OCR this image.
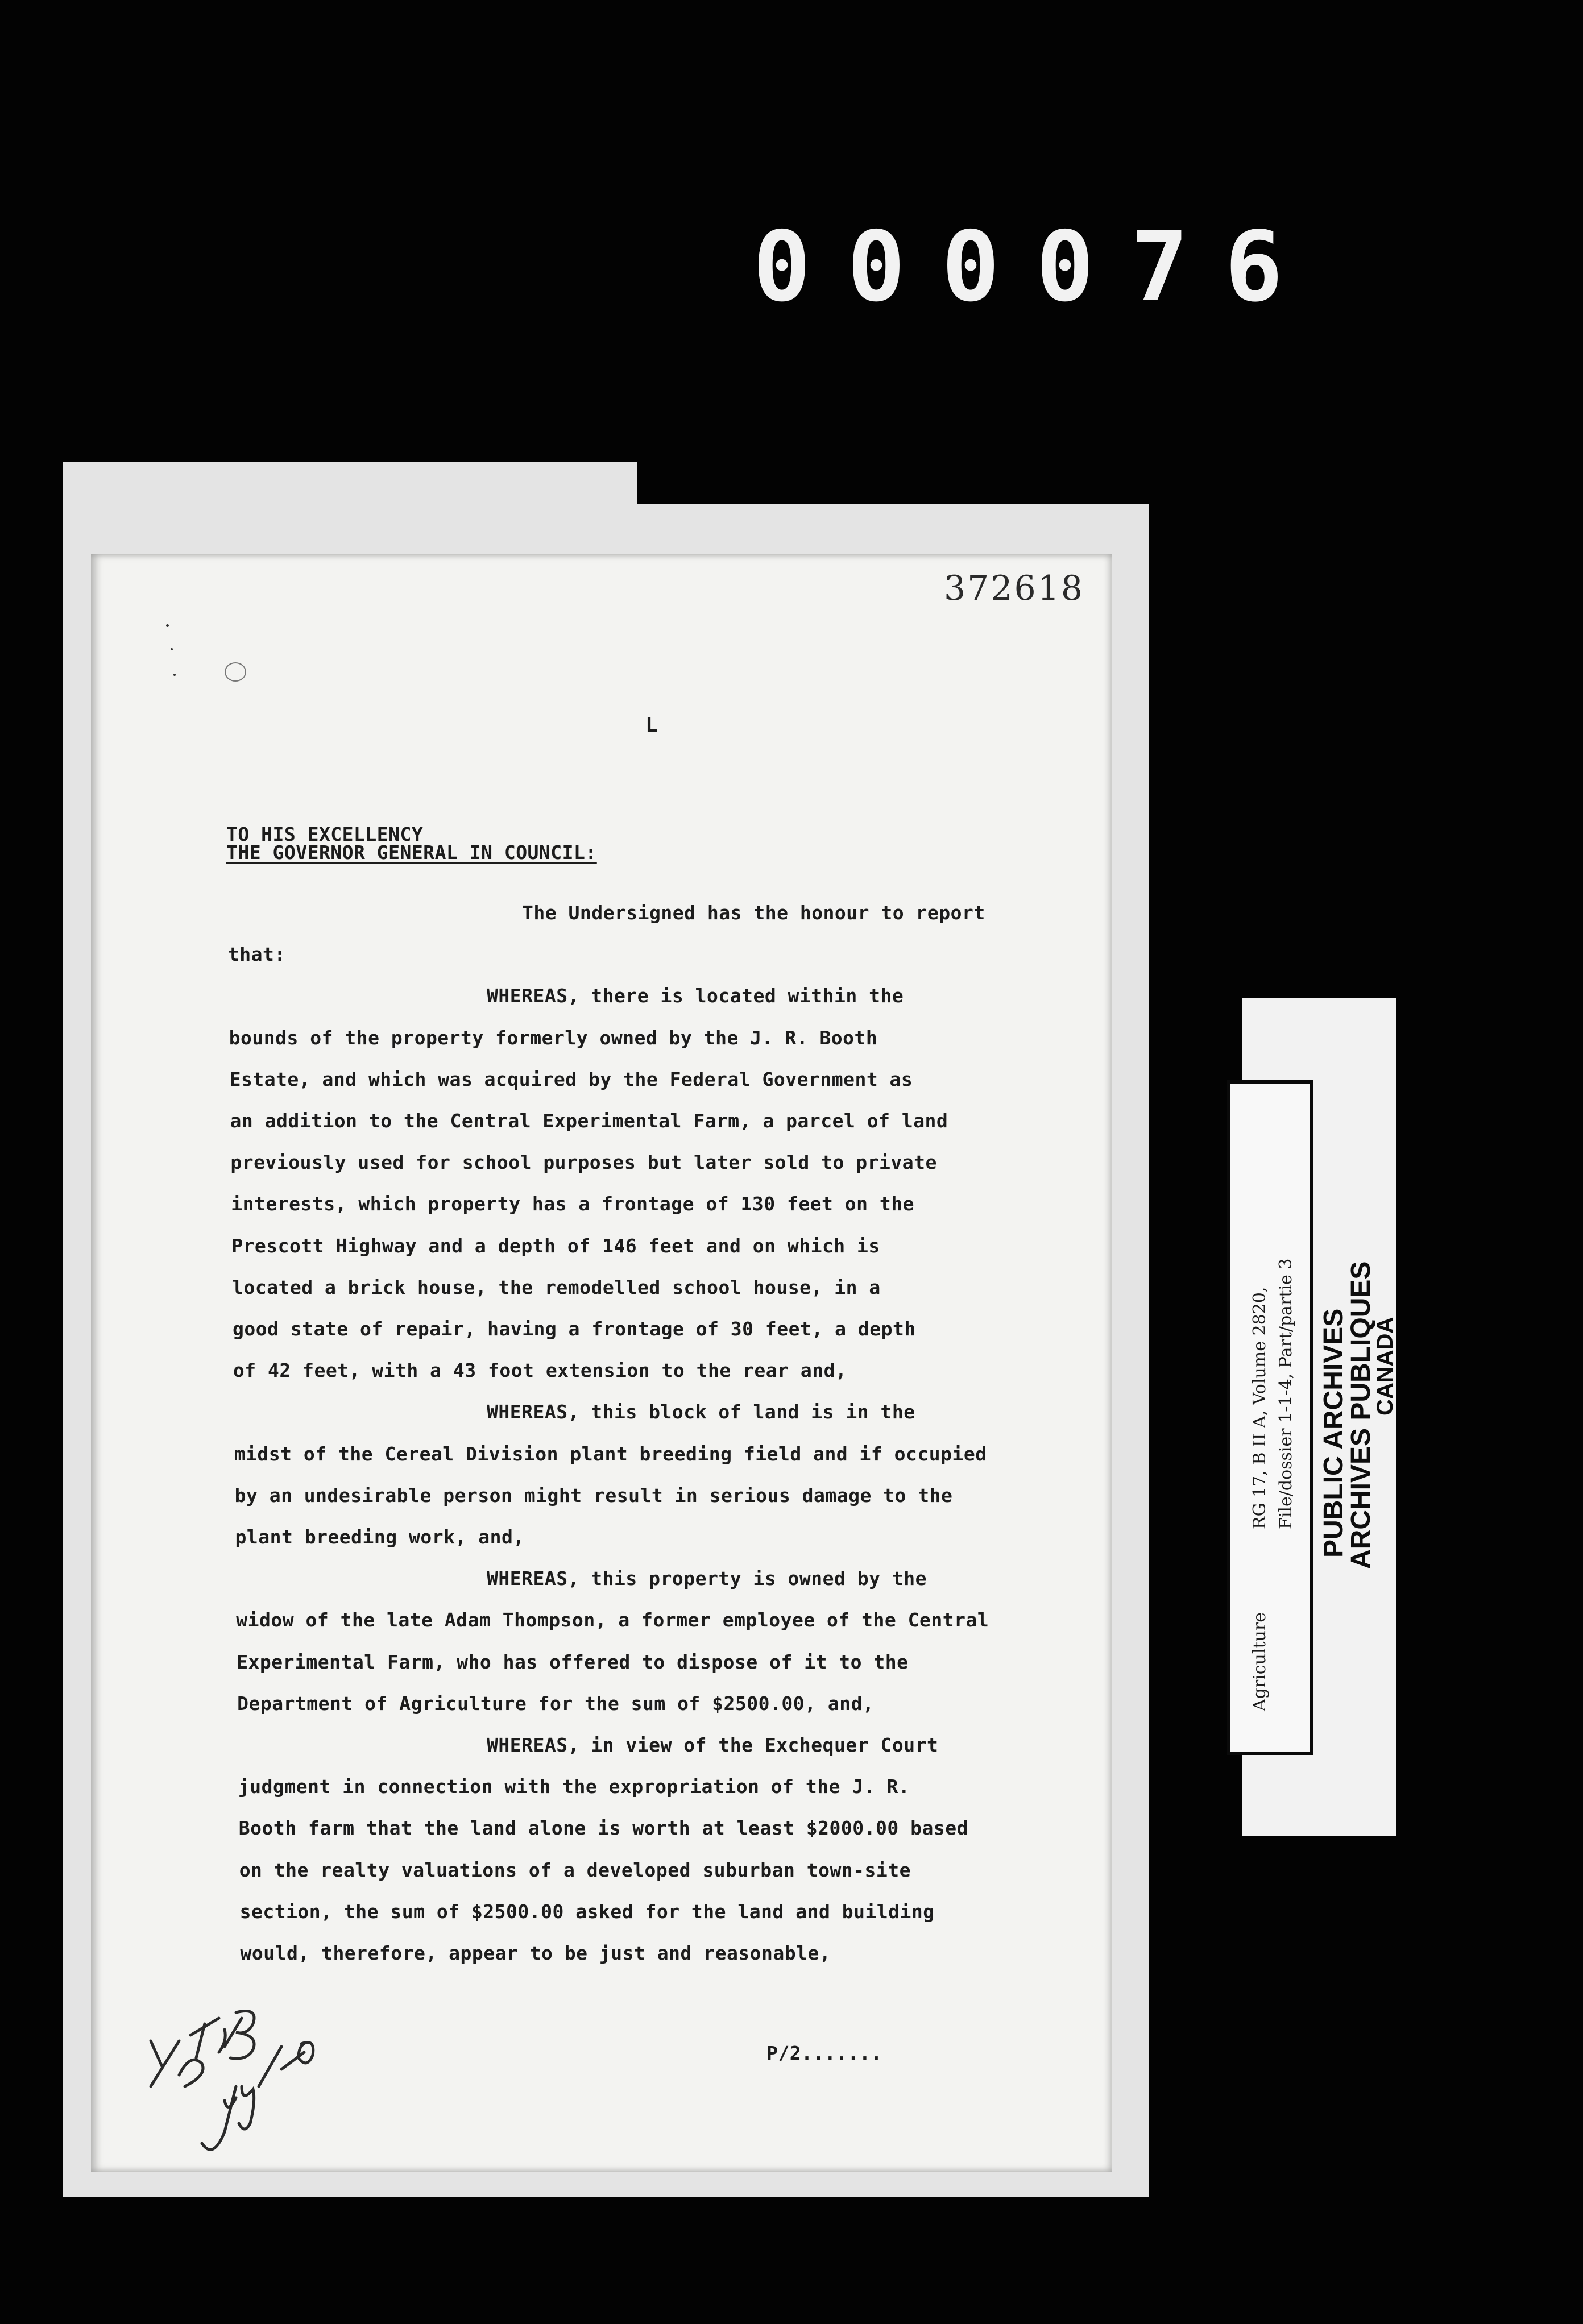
0 0 0 0 7 6
372618
L
TO HIS EXCELLENCY
THE GOVERNOR GENERAL IN COUNCIL:
The Undersigned has the honour to report
that:
WHEREAS, there is located within the
bounds of the property formerly owned by the J. R. Booth
Estate, and which was acquired by the Federal Government as
an addition to the Central Experimental Farm, a parcel of land
previously used for school purposes but later sold to private
interests, which property has a frontage of 130 feet on the
Prescott Highway and a depth of 146 feet and on which is
located a brick house, the remodelled school house, in a
good state of repair, having a frontage of 30 feet, a depth
of 42 feet, with a 43 foot extension to the rear and,
WHEREAS, this block of land is in the
midst of the Cereal Division plant breeding field and if occupied
by an undesirable person might result in serious damage to the
plant breeding work, and,
WHEREAS, this property is owned by the
widow of the late Adam Thompson, a former employee of the Central
Experimental Farm, who has offered to dispose of it to the
Department of Agriculture for the sum of $2500.00, and,
WHEREAS, in view of the Exchequer Court
judgment in connection with the expropriation of the J. R.
Booth farm that the land alone is worth at least $2000.00 based
on the realty valuations of a developed suburban town-site
section, the sum of $2500.00 asked for the land and building
would, therefore, appear to be just and reasonable,
P/2.......
RG 17, B II A, Volume 2820, File/dossier 1-1-4, Part/partie 3
Agriculture
PUBLIC ARCHIVES
ARCHIVES PUBLIQUES
CANADA
